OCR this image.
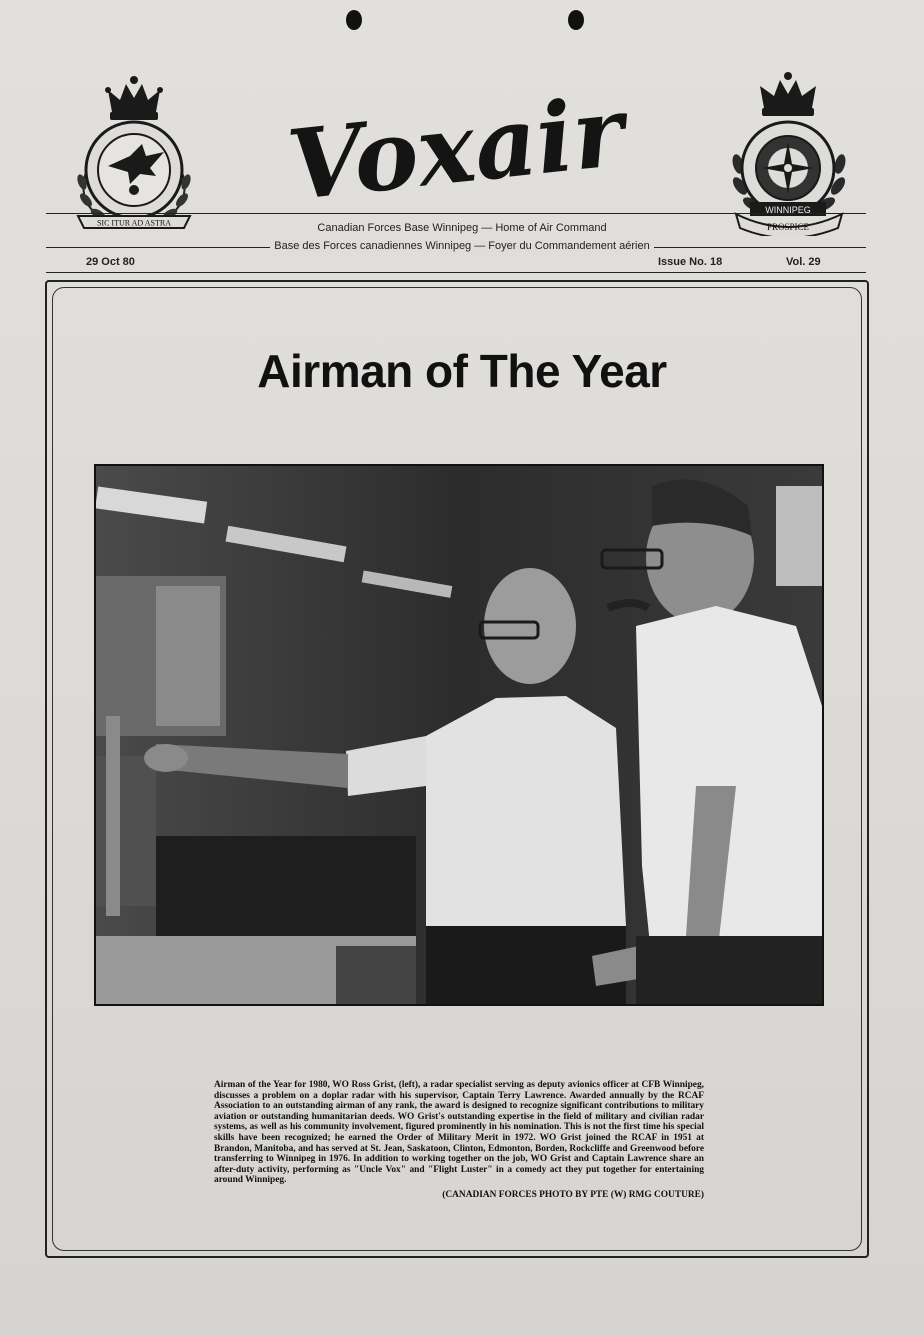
SIC ITUR AD ASTRA
Voxair	WINNIPEG
PROSPICE
Canadian Forces Base Winnipeg — Home of Air Command
Base des Forces canadiennes Winnipeg — Foyer du Commandement aérien
29 Oct 80	Issue No. 18	Vol. 29
Airman of The Year
Airman of the Year for 1980, WO Ross Grist, (left), a radar specialist serving as deputy avionics officer at CFB Winnipeg, discusses a problem on a doplar radar with his supervisor, Captain Terry Lawrence. Awarded annually by the RCAF Association to an outstanding airman of any rank, the award is designed to recognize significant contributions to military aviation or outstanding humanitarian deeds. WO Grist's outstanding expertise in the field of military and civilian radar systems, as well as his community involvement, figured prominently in his nomination. This is not the first time his special skills have been recognized; he earned the Order of Military Merit in 1972. WO Grist joined the RCAF in 1951 at Brandon, Manitoba, and has served at St. Jean, Saskatoon, Clinton, Edmonton, Borden, Rockcliffe and Greenwood before transferring to Winnipeg in 1976. In addition to working together on the job, WO Grist and Captain Lawrence share an after-duty activity, performing as "Uncle Vox" and "Flight Luster" in a comedy act they put together for entertaining around Winnipeg.
(CANADIAN FORCES PHOTO BY PTE (W) RMG COUTURE)
